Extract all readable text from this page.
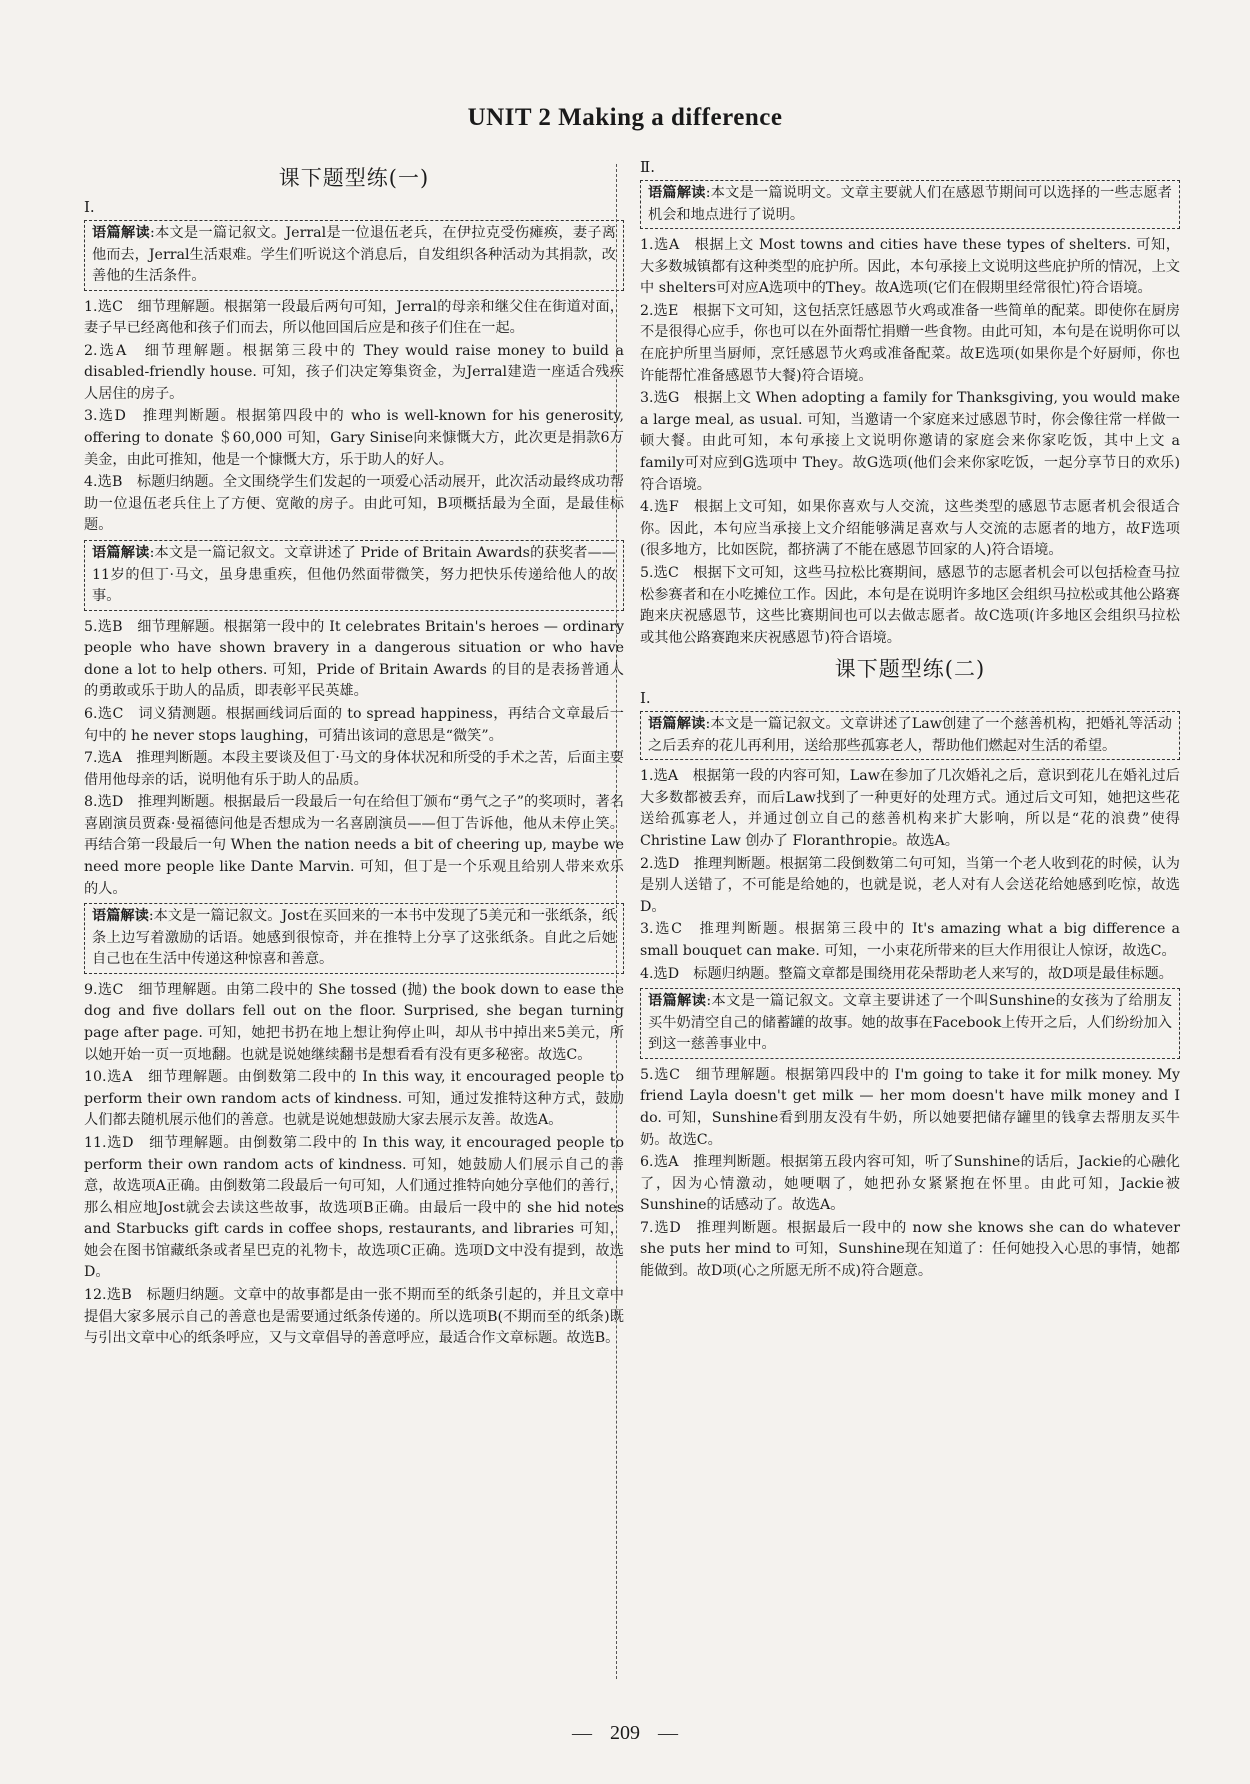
UNIT 2 Making a difference
课下题型练(一)
Ⅰ.
语篇解读:本文是一篇记叙文。Jerral是一位退伍老兵，在伊拉克受伤瘫痪，妻子离他而去，Jerral生活艰难。学生们听说这个消息后，自发组织各种活动为其捐款，改善他的生活条件。
1.选C　细节理解题。根据第一段最后两句可知，Jerral的母亲和继父住在街道对面，妻子早已经离他和孩子们而去，所以他回国后应是和孩子们住在一起。
2.选A　细节理解题。根据第三段中的 They would raise money to build a disabled-friendly house. 可知，孩子们决定筹集资金，为Jerral建造一座适合残疾人居住的房子。
3.选D　推理判断题。根据第四段中的 who is well-known for his generosity, offering to donate ＄60,000 可知，Gary Sinise向来慷慨大方，此次更是捐款6万美金，由此可推知，他是一个慷慨大方，乐于助人的好人。
4.选B　标题归纳题。全文围绕学生们发起的一项爱心活动展开，此次活动最终成功帮助一位退伍老兵住上了方便、宽敞的房子。由此可知，B项概括最为全面，是最佳标题。
语篇解读:本文是一篇记叙文。文章讲述了 Pride of Britain Awards的获奖者——11岁的但丁·马文，虽身患重疾，但他仍然面带微笑，努力把快乐传递给他人的故事。
5.选B　细节理解题。根据第一段中的 It celebrates Britain's heroes — ordinary people who have shown bravery in a dangerous situation or who have done a lot to help others. 可知，Pride of Britain Awards 的目的是表扬普通人的勇敢或乐于助人的品质，即表彰平民英雄。
6.选C　词义猜测题。根据画线词后面的 to spread happiness，再结合文章最后一句中的 he never stops laughing，可猜出该词的意思是“微笑”。
7.选A　推理判断题。本段主要谈及但丁·马文的身体状况和所受的手术之苦，后面主要借用他母亲的话，说明他有乐于助人的品质。
8.选D　推理判断题。根据最后一段最后一句在给但丁颁布“勇气之子”的奖项时，著名喜剧演员贾森·曼福德问他是否想成为一名喜剧演员——但丁告诉他，他从未停止笑。再结合第一段最后一句 When the nation needs a bit of cheering up, maybe we need more people like Dante Marvin. 可知，但丁是一个乐观且给别人带来欢乐的人。
语篇解读:本文是一篇记叙文。Jost在买回来的一本书中发现了5美元和一张纸条，纸条上边写着激励的话语。她感到很惊奇，并在推特上分享了这张纸条。自此之后她自己也在生活中传递这种惊喜和善意。
9.选C　细节理解题。由第二段中的 She tossed (抛) the book down to ease the dog and five dollars fell out on the floor. Surprised, she began turning page after page. 可知，她把书扔在地上想让狗停止叫，却从书中掉出来5美元，所以她开始一页一页地翻。也就是说她继续翻书是想看看有没有更多秘密。故选C。
10.选A　细节理解题。由倒数第二段中的 In this way, it encouraged people to perform their own random acts of kindness. 可知，通过发推特这种方式，鼓励人们都去随机展示他们的善意。也就是说她想鼓励大家去展示友善。故选A。
11.选D　细节理解题。由倒数第二段中的 In this way, it encouraged people to perform their own random acts of kindness. 可知，她鼓励人们展示自己的善意，故选项A正确。由倒数第二段最后一句可知，人们通过推特向她分享他们的善行，那么相应地Jost就会去读这些故事，故选项B正确。由最后一段中的 she hid notes and Starbucks gift cards in coffee shops, restaurants, and libraries 可知，她会在图书馆藏纸条或者星巴克的礼物卡，故选项C正确。选项D文中没有提到，故选D。
12.选B　标题归纳题。文章中的故事都是由一张不期而至的纸条引起的，并且文章中提倡大家多展示自己的善意也是需要通过纸条传递的。所以选项B(不期而至的纸条)既与引出文章中心的纸条呼应，又与文章倡导的善意呼应，最适合作文章标题。故选B。
Ⅱ.
语篇解读:本文是一篇说明文。文章主要就人们在感恩节期间可以选择的一些志愿者机会和地点进行了说明。
1.选A　根据上文 Most towns and cities have these types of shelters. 可知，大多数城镇都有这种类型的庇护所。因此，本句承接上文说明这些庇护所的情况，上文中 shelters可对应A选项中的They。故A选项(它们在假期里经常很忙)符合语境。
2.选E　根据下文可知，这包括烹饪感恩节火鸡或准备一些简单的配菜。即使你在厨房不是很得心应手，你也可以在外面帮忙捐赠一些食物。由此可知，本句是在说明你可以在庇护所里当厨师，烹饪感恩节火鸡或准备配菜。故E选项(如果你是个好厨师，你也许能帮忙准备感恩节大餐)符合语境。
3.选G　根据上文 When adopting a family for Thanksgiving, you would make a large meal, as usual. 可知，当邀请一个家庭来过感恩节时，你会像往常一样做一顿大餐。由此可知，本句承接上文说明你邀请的家庭会来你家吃饭，其中上文 a family可对应到G选项中 They。故G选项(他们会来你家吃饭，一起分享节日的欢乐)符合语境。
4.选F　根据上文可知，如果你喜欢与人交流，这些类型的感恩节志愿者机会很适合你。因此，本句应当承接上文介绍能够满足喜欢与人交流的志愿者的地方，故F选项(很多地方，比如医院，都挤满了不能在感恩节回家的人)符合语境。
5.选C　根据下文可知，这些马拉松比赛期间，感恩节的志愿者机会可以包括检查马拉松参赛者和在小吃摊位工作。因此，本句是在说明许多地区会组织马拉松或其他公路赛跑来庆祝感恩节，这些比赛期间也可以去做志愿者。故C选项(许多地区会组织马拉松或其他公路赛跑来庆祝感恩节)符合语境。
课下题型练(二)
Ⅰ.
语篇解读:本文是一篇记叙文。文章讲述了Law创建了一个慈善机构，把婚礼等活动之后丢弃的花儿再利用，送给那些孤寡老人，帮助他们燃起对生活的希望。
1.选A　根据第一段的内容可知，Law在参加了几次婚礼之后，意识到花儿在婚礼过后大多数都被丢弃，而后Law找到了一种更好的处理方式。通过后文可知，她把这些花送给孤寡老人，并通过创立自己的慈善机构来扩大影响，所以是“花的浪费”使得 Christine Law 创办了 Floranthropie。故选A。
2.选D　推理判断题。根据第二段倒数第二句可知，当第一个老人收到花的时候，认为是别人送错了，不可能是给她的，也就是说，老人对有人会送花给她感到吃惊，故选D。
3.选C　推理判断题。根据第三段中的 It's amazing what a big difference a small bouquet can make. 可知，一小束花所带来的巨大作用很让人惊讶，故选C。
4.选D　标题归纳题。整篇文章都是围绕用花朵帮助老人来写的，故D项是最佳标题。
语篇解读:本文是一篇记叙文。文章主要讲述了一个叫Sunshine的女孩为了给朋友买牛奶清空自己的储蓄罐的故事。她的故事在Facebook上传开之后，人们纷纷加入到这一慈善事业中。
5.选C　细节理解题。根据第四段中的 I'm going to take it for milk money. My friend Layla doesn't get milk — her mom doesn't have milk money and I do. 可知，Sunshine看到朋友没有牛奶，所以她要把储存罐里的钱拿去帮朋友买牛奶。故选C。
6.选A　推理判断题。根据第五段内容可知，听了Sunshine的话后，Jackie的心融化了，因为心情激动，她哽咽了，她把孙女紧紧抱在怀里。由此可知，Jackie被Sunshine的话感动了。故选A。
7.选D　推理判断题。根据最后一段中的 now she knows she can do whatever she puts her mind to 可知，Sunshine现在知道了：任何她投入心思的事情，她都能做到。故D项(心之所愿无所不成)符合题意。
— 209 —
